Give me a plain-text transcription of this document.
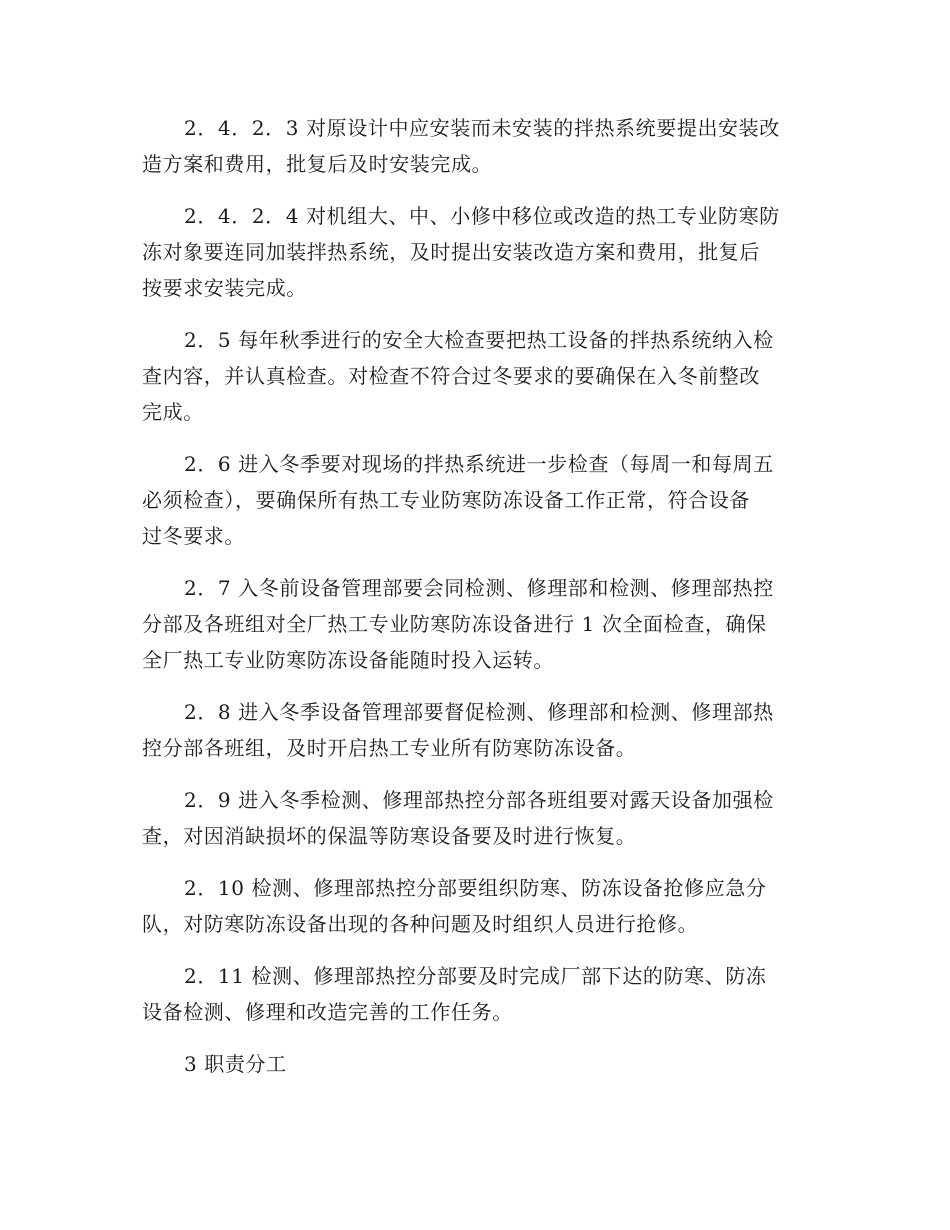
2．4．2．3 对原设计中应安装而未安装的拌热系统要提出安装改
造方案和费用，批复后及时安装完成。

2．4．2．4 对机组大、中、小修中移位或改造的热工专业防寒防
冻对象要连同加装拌热系统，及时提出安装改造方案和费用，批复后
按要求安装完成。

2．5 每年秋季进行的安全大检查要把热工设备的拌热系统纳入检
查内容，并认真检查。对检查不符合过冬要求的要确保在入冬前整改
完成。

2．6 进入冬季要对现场的拌热系统进一步检查（每周一和每周五
必须检查），要确保所有热工专业防寒防冻设备工作正常，符合设备
过冬要求。

2．7 入冬前设备管理部要会同检测、修理部和检测、修理部热控
分部及各班组对全厂热工专业防寒防冻设备进行 1 次全面检查，确保
全厂热工专业防寒防冻设备能随时投入运转。

2．8 进入冬季设备管理部要督促检测、修理部和检测、修理部热
控分部各班组，及时开启热工专业所有防寒防冻设备。

2．9 进入冬季检测、修理部热控分部各班组要对露天设备加强检
查，对因消缺损坏的保温等防寒设备要及时进行恢复。

2．10 检测、修理部热控分部要组织防寒、防冻设备抢修应急分
队，对防寒防冻设备出现的各种问题及时组织人员进行抢修。

2．11 检测、修理部热控分部要及时完成厂部下达的防寒、防冻
设备检测、修理和改造完善的工作任务。

3 职责分工
